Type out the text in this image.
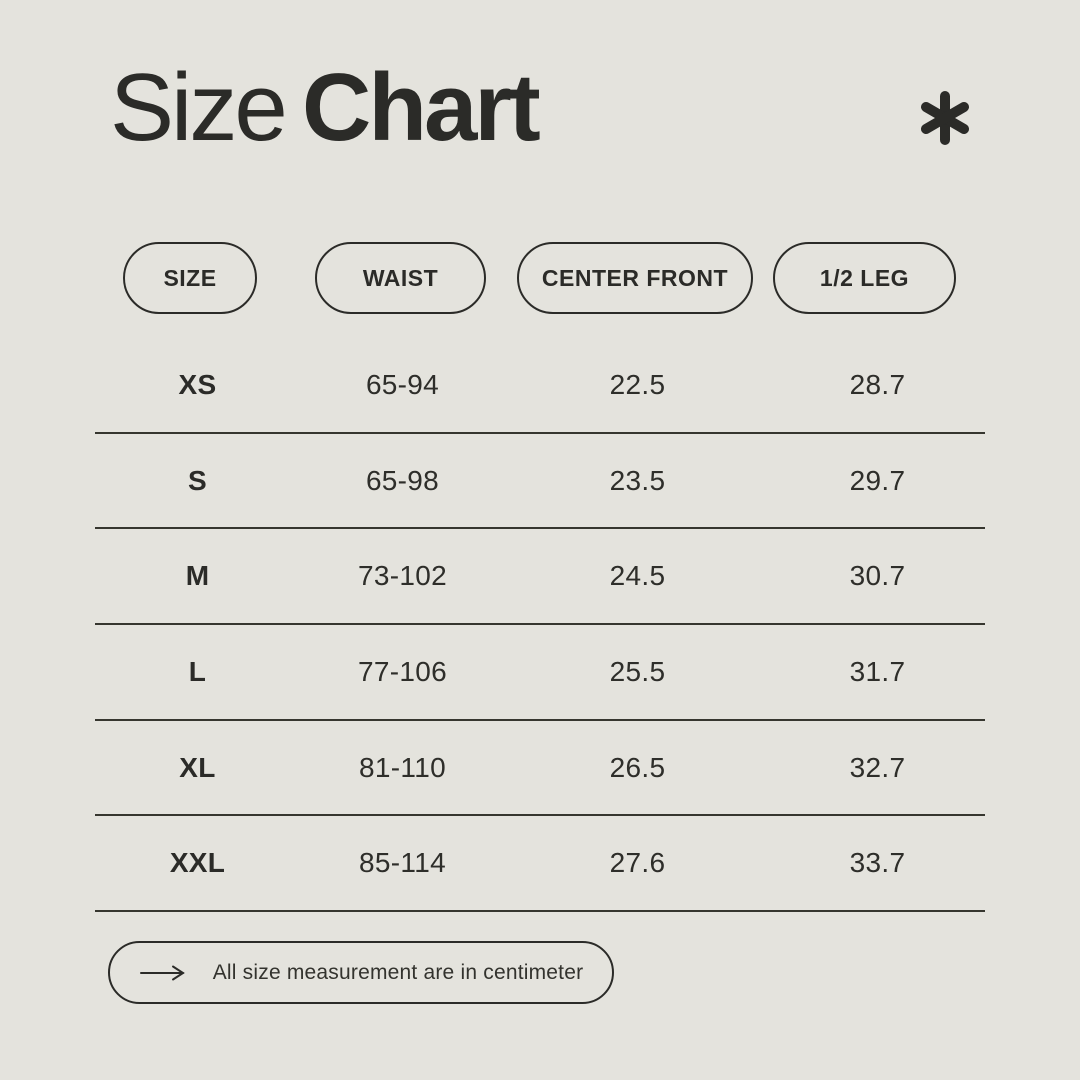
Size Chart
SIZE	WAIST	CENTER FRONT	1/2 LEG
XS	65-94	22.5	28.7
S	65-98	23.5	29.7
M	73-102	24.5	30.7
L	77-106	25.5	31.7
XL	81-110	26.5	32.7
XXL	85-114	27.6	33.7
All size measurement are in centimeter
